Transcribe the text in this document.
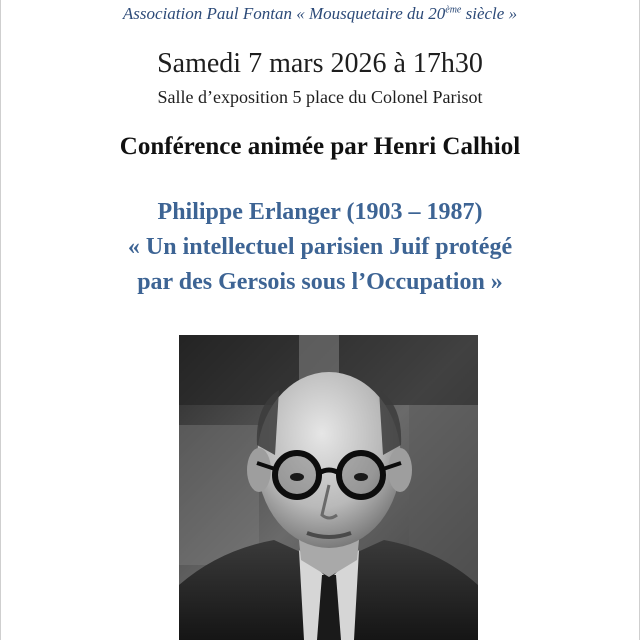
Association Paul Fontan « Mousquetaire du 20ème siècle »
Samedi 7 mars 2026 à 17h30
Salle d’exposition 5 place du Colonel Parisot
Conférence animée par Henri Calhiol
Philippe Erlanger (1903 – 1987)
« Un intellectuel parisien Juif protégé
par des Gersois sous l’Occupation »
